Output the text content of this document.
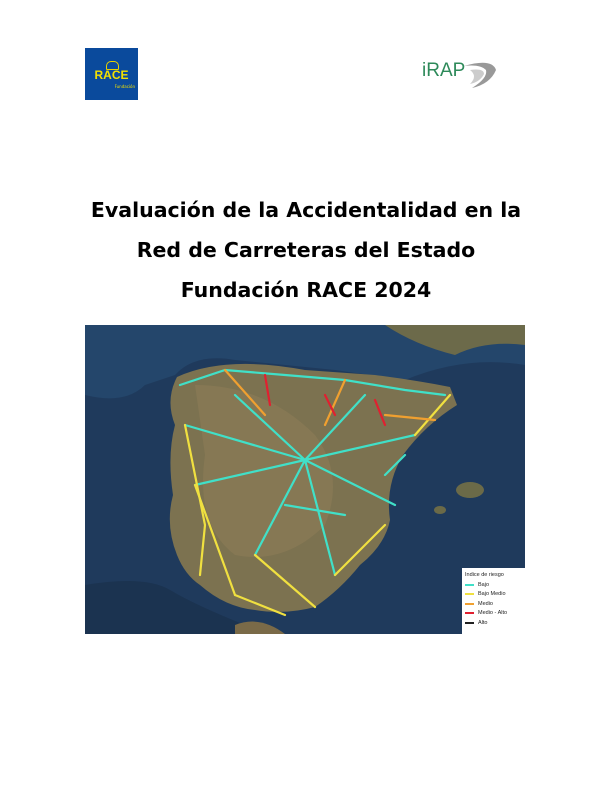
RACE
Fundación
iRAP
Evaluación de la Accidentalidad en la
Red de Carreteras del Estado
Fundación RACE 2024
Indice de riesgo
Bajo
Bajo Medio
Medio
Medio - Alto
Alto
